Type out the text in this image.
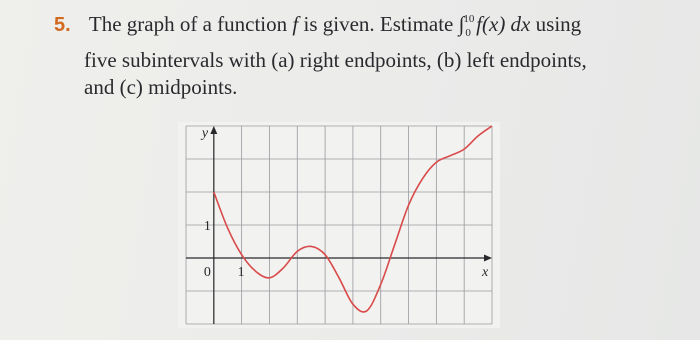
5. The graph of a function f is given. Estimate ∫$^{10}_0$ f(x) dx using
five subintervals with (a) right endpoints, (b) left endpoints,
and (c) midpoints.
y
x
0 1
1
